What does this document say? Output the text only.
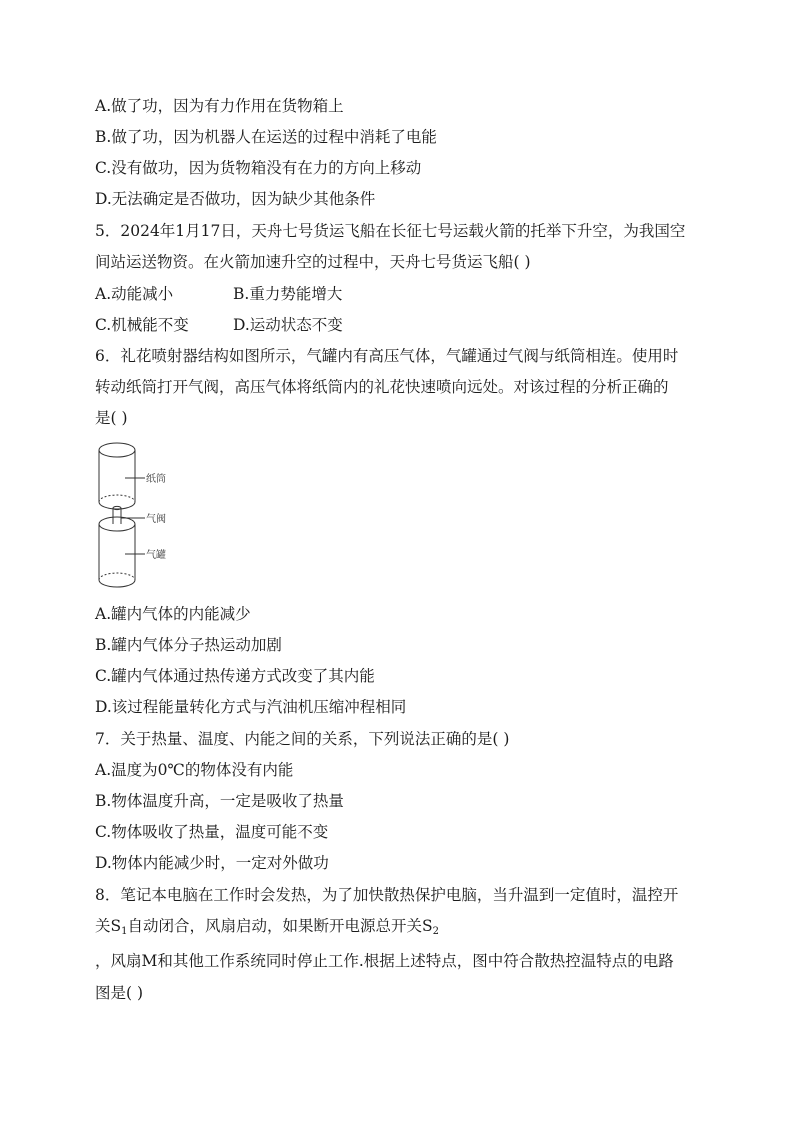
A.做了功，因为有力作用在货物箱上
B.做了功，因为机器人在运送的过程中消耗了电能
C.没有做功，因为货物箱没有在力的方向上移动
D.无法确定是否做功，因为缺少其他条件
5．2024年1月17日，天舟七号货运飞船在长征七号运载火箭的托举下升空，为我国空
间站运送物资。在火箭加速升空的过程中，天舟七号货运飞船( )
A.动能减小	B.重力势能增大
C.机械能不变	D.运动状态不变
6．礼花喷射器结构如图所示，气罐内有高压气体，气罐通过气阀与纸筒相连。使用时
转动纸筒打开气阀，高压气体将纸筒内的礼花快速喷向远处。对该过程的分析正确的
是( )
纸筒
气阀
气罐
A.罐内气体的内能减少
B.罐内气体分子热运动加剧
C.罐内气体通过热传递方式改变了其内能
D.该过程能量转化方式与汽油机压缩冲程相同
7．关于热量、温度、内能之间的关系，下列说法正确的是( )
A.温度为0℃的物体没有内能
B.物体温度升高，一定是吸收了热量
C.物体吸收了热量，温度可能不变
D.物体内能减少时，一定对外做功
8．笔记本电脑在工作时会发热，为了加快散热保护电脑，当升温到一定值时，温控开
关$S_1$自动闭合，风扇启动，如果断开电源总开关$S_2$
，风扇M和其他工作系统同时停止工作.根据上述特点，图中符合散热控温特点的电路
图是( )
